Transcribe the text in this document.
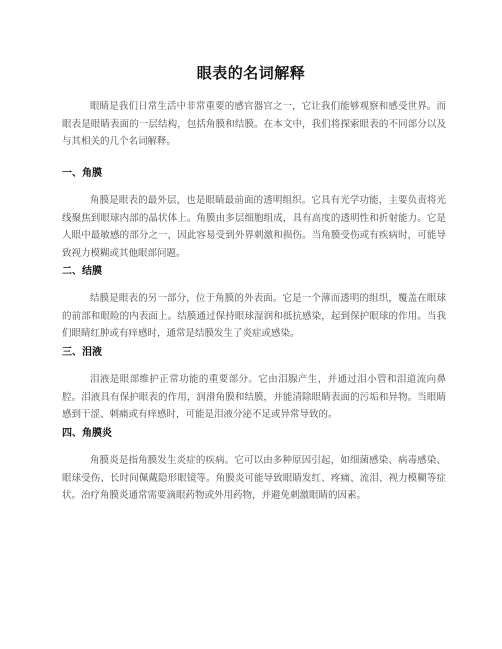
眼表的名词解释

眼睛是我们日常生活中非常重要的感官器官之一，它让我们能够观察和感受世界。而眼表是眼睛表面的一层结构，包括角膜和结膜。在本文中，我们将探索眼表的不同部分以及与其相关的几个名词解释。

一、角膜

角膜是眼表的最外层，也是眼睛最前面的透明组织。它具有光学功能，主要负责将光线聚焦到眼球内部的晶状体上。角膜由多层细胞组成，具有高度的透明性和折射能力。它是人眼中最敏感的部分之一，因此容易受到外界刺激和损伤。当角膜受伤或有疾病时，可能导致视力模糊或其他眼部问题。

二、结膜

结膜是眼表的另一部分，位于角膜的外表面。它是一个薄而透明的组织，覆盖在眼球的前部和眼睑的内表面上。结膜通过保持眼球湿润和抵抗感染，起到保护眼球的作用。当我们眼睛红肿或有痒感时，通常是结膜发生了炎症或感染。

三、泪液

泪液是眼部维护正常功能的重要部分。它由泪腺产生，并通过泪小管和泪道流向鼻腔。泪液具有保护眼表的作用，润滑角膜和结膜，并能清除眼睛表面的污垢和异物。当眼睛感到干涩、刺痛或有痒感时，可能是泪液分泌不足或异常导致的。

四、角膜炎

角膜炎是指角膜发生炎症的疾病。它可以由多种原因引起，如细菌感染、病毒感染、眼球受伤、长时间佩戴隐形眼镜等。角膜炎可能导致眼睛发红、疼痛、流泪、视力模糊等症状。治疗角膜炎通常需要滴眼药物或外用药物，并避免刺激眼睛的因素。
